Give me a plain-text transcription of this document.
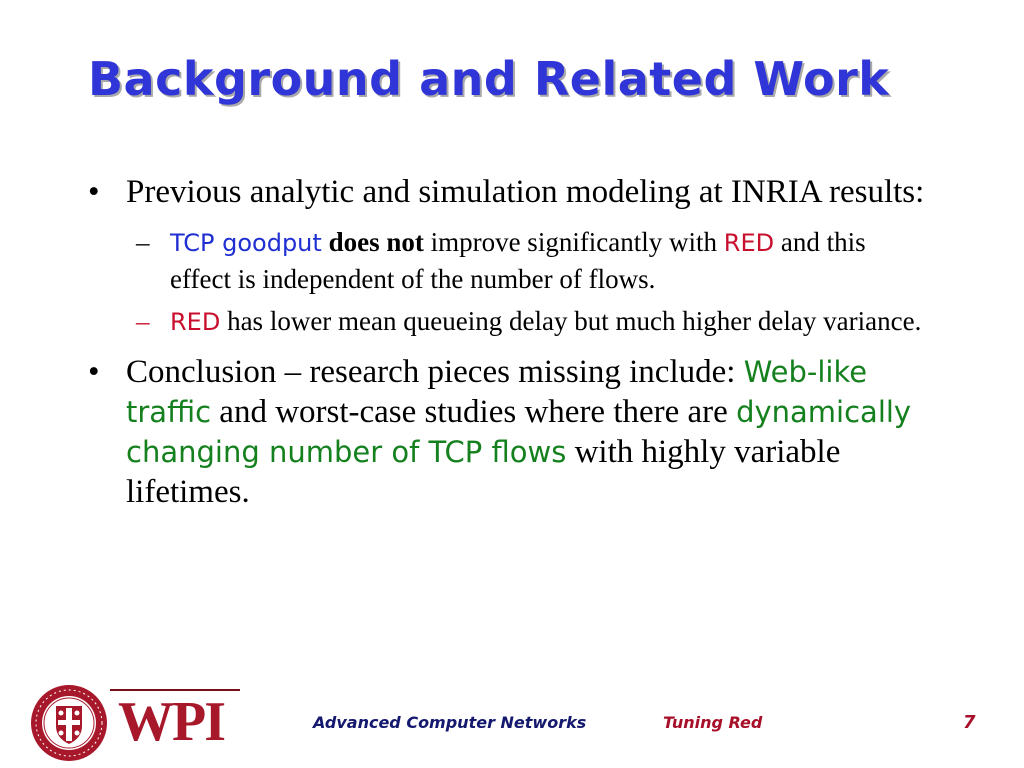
Background and Related Work
• Previous analytic and simulation modeling at INRIA results:
– TCP goodput does not improve significantly with RED and this effect is independent of the number of flows.
– RED has lower mean queueing delay but much higher delay variance.
• Conclusion – research pieces missing include: Web-like traffic and worst-case studies where there are dynamically changing number of TCP flows with highly variable lifetimes.
WPI	Advanced Computer Networks	Tuning Red	7
